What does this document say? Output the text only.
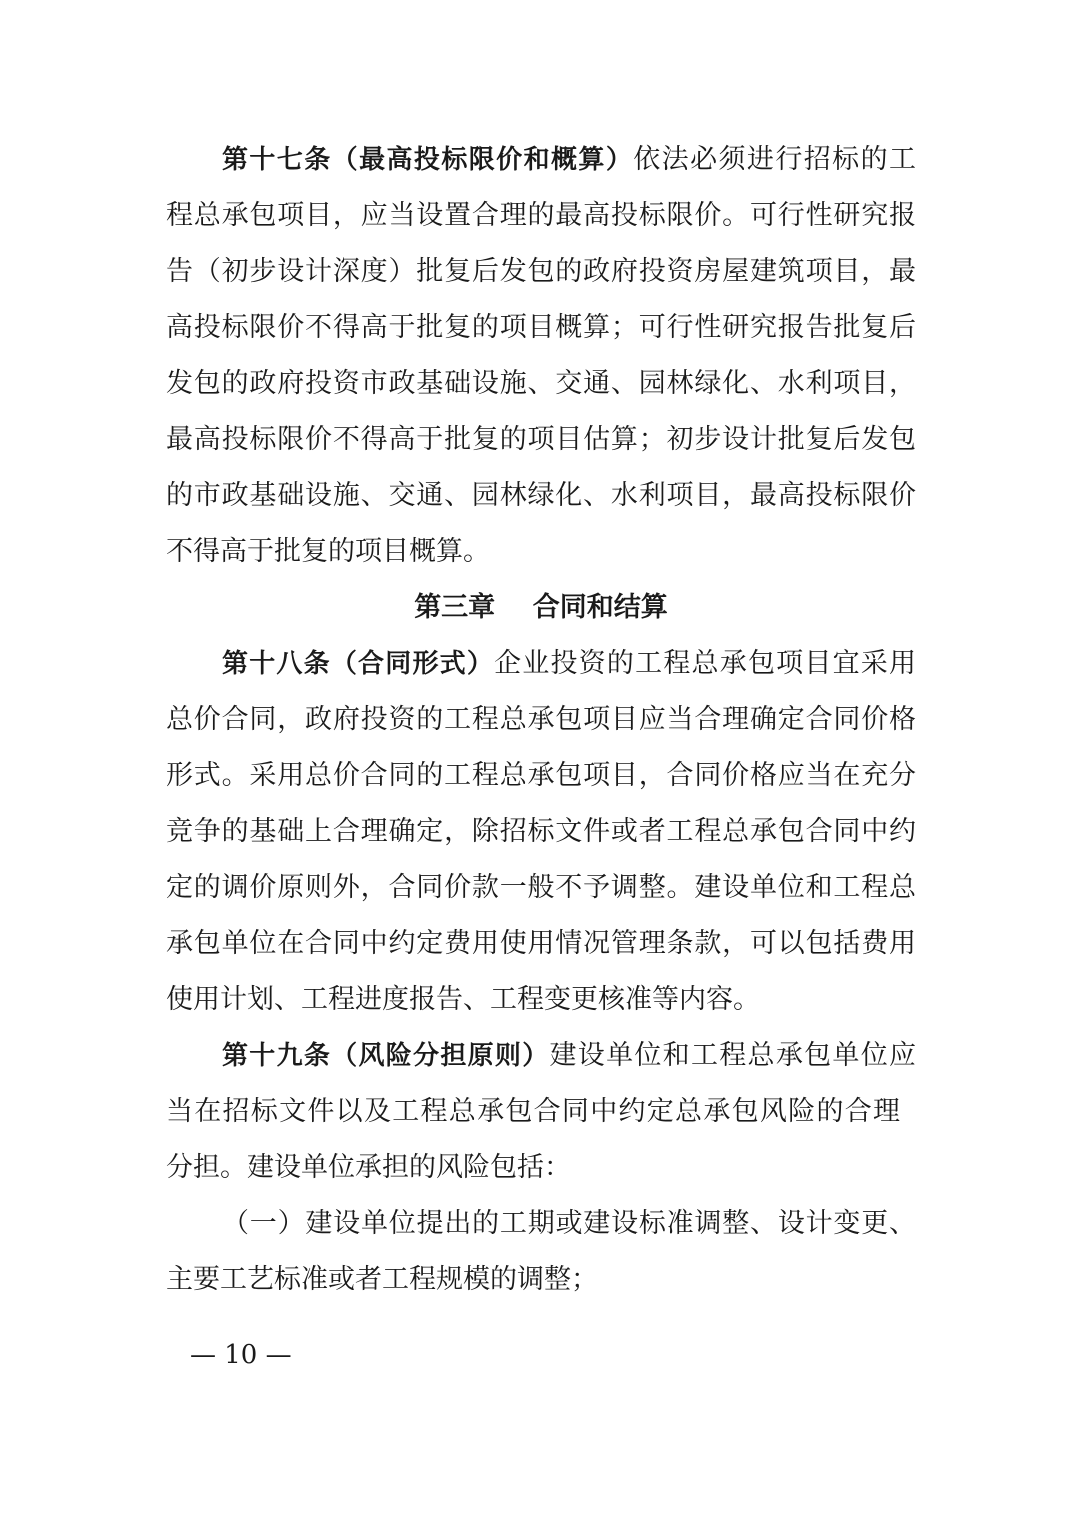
第十七条（最高投标限价和概算）依法必须进行招标的工
程总承包项目，应当设置合理的最高投标限价。可行性研究报
告（初步设计深度）批复后发包的政府投资房屋建筑项目，最
高投标限价不得高于批复的项目概算；可行性研究报告批复后
发包的政府投资市政基础设施、交通、园林绿化、水利项目，
最高投标限价不得高于批复的项目估算；初步设计批复后发包
的市政基础设施、交通、园林绿化、水利项目，最高投标限价
不得高于批复的项目概算。
第三章    合同和结算
第十八条（合同形式）企业投资的工程总承包项目宜采用
总价合同，政府投资的工程总承包项目应当合理确定合同价格
形式。采用总价合同的工程总承包项目，合同价格应当在充分
竞争的基础上合理确定，除招标文件或者工程总承包合同中约
定的调价原则外，合同价款一般不予调整。建设单位和工程总
承包单位在合同中约定费用使用情况管理条款，可以包括费用
使用计划、工程进度报告、工程变更核准等内容。
第十九条（风险分担原则）建设单位和工程总承包单位应
当在招标文件以及工程总承包合同中约定总承包风险的合理
分担。建设单位承担的风险包括：
（一）建设单位提出的工期或建设标准调整、设计变更、
主要工艺标准或者工程规模的调整；
— 10 —
